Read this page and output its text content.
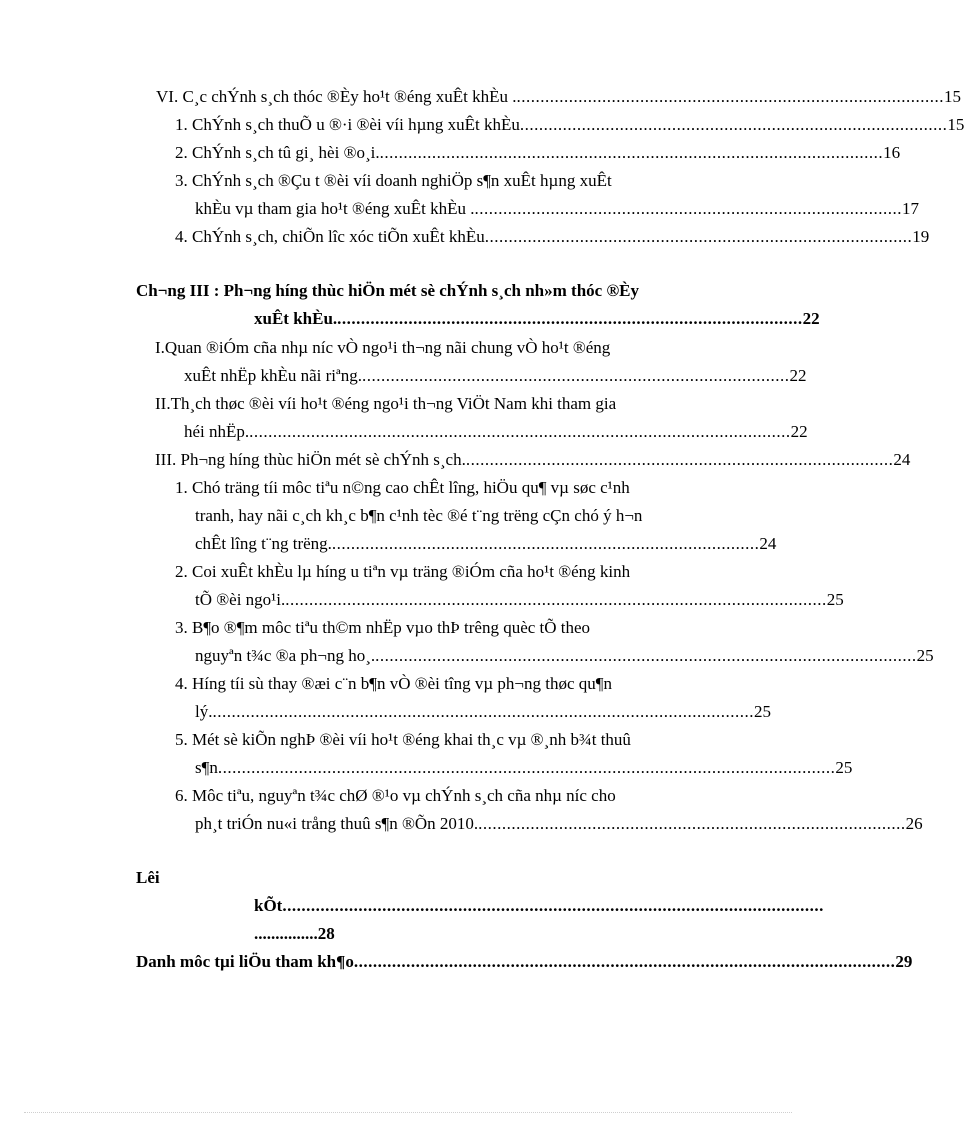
VI. C¸c chÝnh s¸ch thóc ®Èy ho¹t ®éng xuÊt khÈu . .......................................................................................... 15
1. ChÝnh s¸ch thuÕ u ®·i ®èi víi hµng xuÊt khÈu .......................................................................................... 15
2. ChÝnh s¸ch tû gi¸ hèi ®o¸i. .......................................................................................................... 16
3. ChÝnh s¸ch ®Çu t ®èi víi doanh nghiÖp s¶n xuÊt hµng xuÊt
khÈu vµ tham gia ho¹t ®éng xuÊt khÈu . .......................................................................................... 17
4. ChÝnh s¸ch, chiÕn lîc xóc tiÕn xuÊt khÈu .......................................................................................... 19
Ch¬ng III : Ph¬ng híng thùc hiÖn mét sè chÝnh s¸ch nh»m thóc ®Èy
xuÊt khÈu. .................................................................................................. 22
I.Quan ®iÓm cña nhµ níc vÒ ngo¹i th¬ng nãi chung vÒ ho¹t ®éng
xuÊt nhËp khÈu nãi riªng. .......................................................................................... 22
II.Th¸ch thøc ®èi víi ho¹t ®éng ngo¹i th¬ng ViÖt Nam khi tham gia
héi nhËp. .................................................................................................................. 22
III. Ph¬ng híng thùc hiÖn mét sè chÝnh s¸ch. .......................................................................................... 24
1. Chó träng tíi môc tiªu n©ng cao chÊt lîng, hiÖu qu¶ vµ søc c¹nh
tranh, hay nãi c¸ch kh¸c b¶n c¹nh tèc ®é t¨ng trëng cÇn chó ý h¬n
chÊt lîng t¨ng trëng. .......................................................................................... 24
2. Coi xuÊt khÈu lµ híng u tiªn vµ träng ®iÓm cña ho¹t ®éng kinh
tÕ ®èi ngo¹i. .................................................................................................................. 25
3. B¶o ®¶m môc tiªu th©m nhËp vµo thÞ trêng quèc tÕ theo
nguyªn t¾c ®a ph¬ng ho¸. .................................................................................................................. 25
4. Híng tíi sù thay ®æi c¨n b¶n vÒ ®èi tîng vµ ph¬ng thøc qu¶n
lý. .................................................................................................................. 25
5. Mét sè kiÕn nghÞ ®èi víi ho¹t ®éng khai th¸c vµ ®¸nh b¾t thuû
s¶n .................................................................................................................................. 25
6. Môc tiªu, nguyªn t¾c chØ ®¹o vµ chÝnh s¸ch cña nhµ níc cho
ph¸t triÓn nu«i trång thuû s¶n ®Õn 2010. .......................................................................................... 26
Lêi
kÕt ..................................................................................................................
............... 28
Danh môc tµi liÖu tham kh¶o .................................................................................................................. 29
